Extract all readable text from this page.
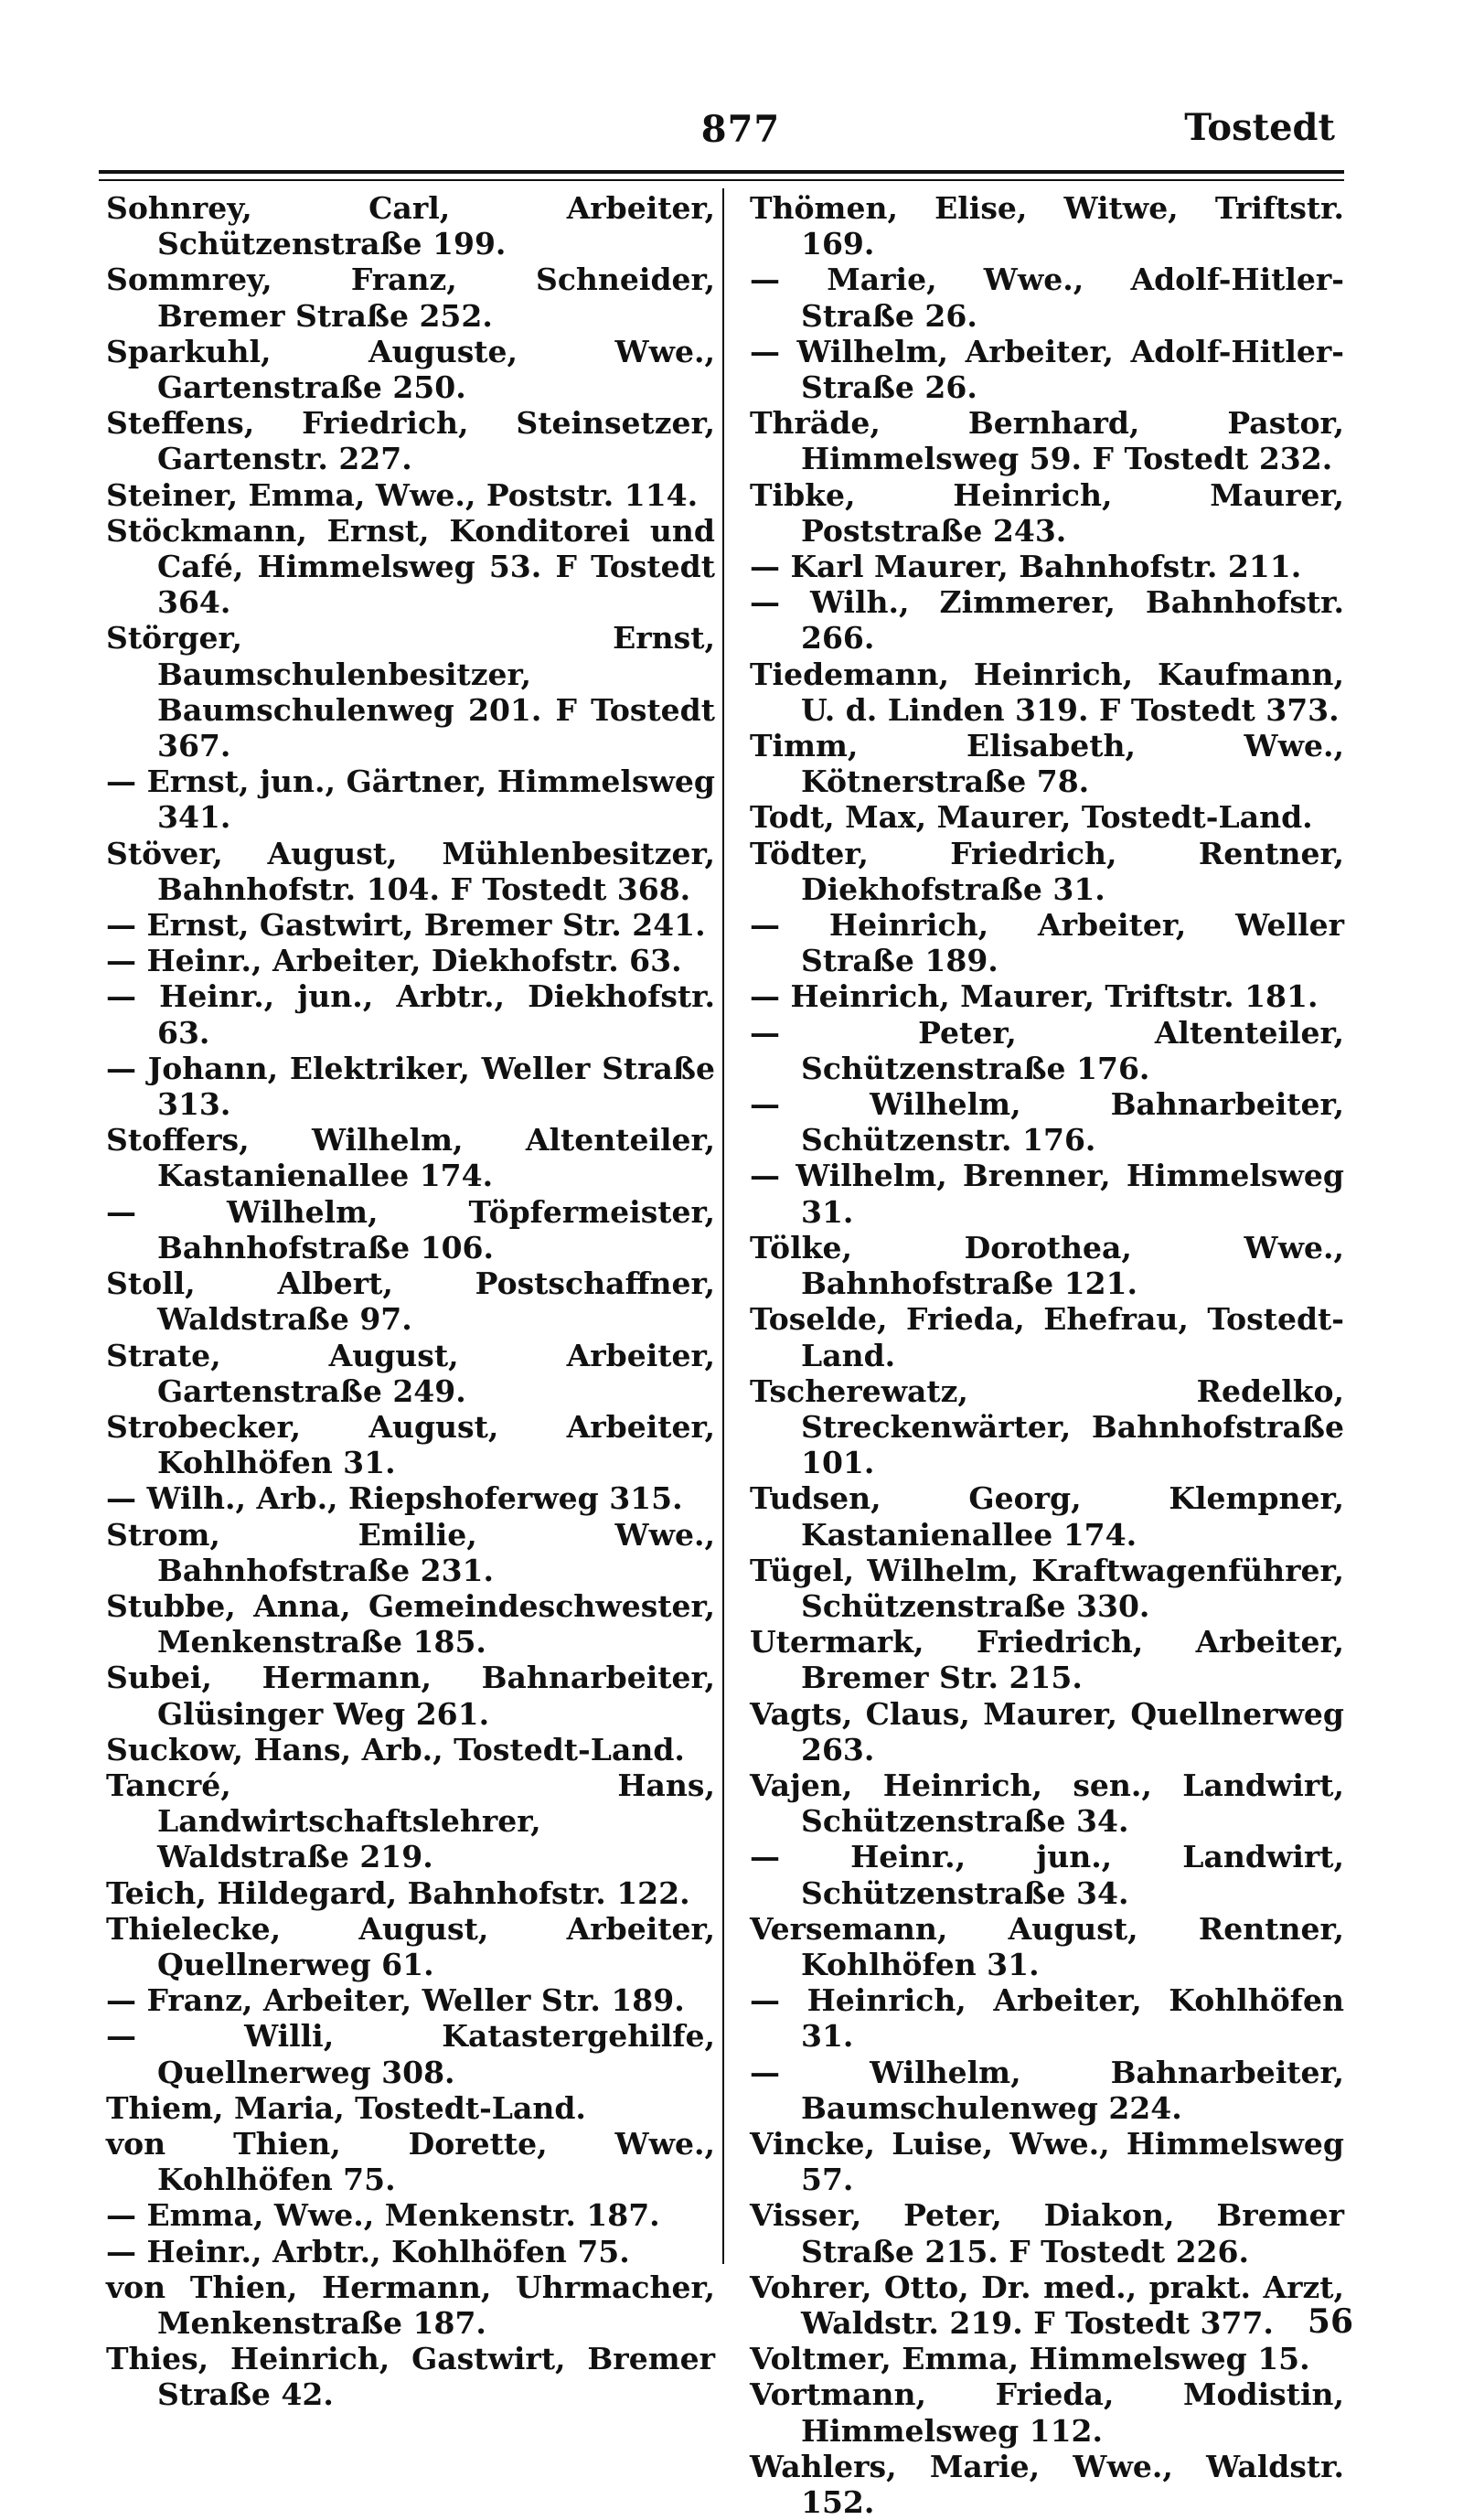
877	Tostedt
Sohnrey, Carl, Arbeiter, Schützenstraße 199.
Sommrey, Franz, Schneider, Bremer Straße 252.
Sparkuhl, Auguste, Wwe., Gartenstraße 250.
Steffens, Friedrich, Steinsetzer, Gartenstr. 227.
Steiner, Emma, Wwe., Poststr. 114.
Stöckmann, Ernst, Konditorei und Café, Himmelsweg 53. F Tostedt 364.
Störger, Ernst, Baumschulenbesitzer, Baumschulenweg 201. F Tostedt 367.
— Ernst, jun., Gärtner, Himmelsweg 341.
Stöver, August, Mühlenbesitzer, Bahnhofstr. 104. F Tostedt 368.
— Ernst, Gastwirt, Bremer Str. 241.
— Heinr., Arbeiter, Diekhofstr. 63.
— Heinr., jun., Arbtr., Diekhofstr. 63.
— Johann, Elektriker, Weller Straße 313.
Stoffers, Wilhelm, Altenteiler, Kastanienallee 174.
— Wilhelm, Töpfermeister, Bahnhofstraße 106.
Stoll, Albert, Postschaffner, Waldstraße 97.
Strate, August, Arbeiter, Gartenstraße 249.
Strobecker, August, Arbeiter, Kohlhöfen 31.
— Wilh., Arb., Riepshoferweg 315.
Strom, Emilie, Wwe., Bahnhofstraße 231.
Stubbe, Anna, Gemeindeschwester, Menkenstraße 185.
Subei, Hermann, Bahnarbeiter, Glüsinger Weg 261.
Suckow, Hans, Arb., Tostedt-Land.
Tancré, Hans, Landwirtschaftslehrer, Waldstraße 219.
Teich, Hildegard, Bahnhofstr. 122.
Thielecke, August, Arbeiter, Quellnerweg 61.
— Franz, Arbeiter, Weller Str. 189.
— Willi, Katastergehilfe, Quellnerweg 308.
Thiem, Maria, Tostedt-Land.
von Thien, Dorette, Wwe., Kohlhöfen 75.
— Emma, Wwe., Menkenstr. 187.
— Heinr., Arbtr., Kohlhöfen 75.
von Thien, Hermann, Uhrmacher, Menkenstraße 187.
Thies, Heinrich, Gastwirt, Bremer Straße 42.
Thömen, Elise, Witwe, Triftstr. 169.
— Marie, Wwe., Adolf-Hitler-Straße 26.
— Wilhelm, Arbeiter, Adolf-Hitler-Straße 26.
Thräde, Bernhard, Pastor, Himmelsweg 59. F Tostedt 232.
Tibke, Heinrich, Maurer, Poststraße 243.
— Karl Maurer, Bahnhofstr. 211.
— Wilh., Zimmerer, Bahnhofstr. 266.
Tiedemann, Heinrich, Kaufmann, U. d. Linden 319. F Tostedt 373.
Timm, Elisabeth, Wwe., Kötnerstraße 78.
Todt, Max, Maurer, Tostedt-Land.
Tödter, Friedrich, Rentner, Diekhofstraße 31.
— Heinrich, Arbeiter, Weller Straße 189.
— Heinrich, Maurer, Triftstr. 181.
— Peter, Altenteiler, Schützenstraße 176.
— Wilhelm, Bahnarbeiter, Schützenstr. 176.
— Wilhelm, Brenner, Himmelsweg 31.
Tölke, Dorothea, Wwe., Bahnhofstraße 121.
Toselde, Frieda, Ehefrau, Tostedt-Land.
Tscherewatz, Redelko, Streckenwärter, Bahnhofstraße 101.
Tudsen, Georg, Klempner, Kastanienallee 174.
Tügel, Wilhelm, Kraftwagenführer, Schützenstraße 330.
Utermark, Friedrich, Arbeiter, Bremer Str. 215.
Vagts, Claus, Maurer, Quellnerweg 263.
Vajen, Heinrich, sen., Landwirt, Schützenstraße 34.
— Heinr., jun., Landwirt, Schützenstraße 34.
Versemann, August, Rentner, Kohlhöfen 31.
— Heinrich, Arbeiter, Kohlhöfen 31.
— Wilhelm, Bahnarbeiter, Baumschulenweg 224.
Vincke, Luise, Wwe., Himmelsweg 57.
Visser, Peter, Diakon, Bremer Straße 215. F Tostedt 226.
Vohrer, Otto, Dr. med., prakt. Arzt, Waldstr. 219. F Tostedt 377.
Voltmer, Emma, Himmelsweg 15.
Vortmann, Frieda, Modistin, Himmelsweg 112.
Wahlers, Marie, Wwe., Waldstr. 152.
56
